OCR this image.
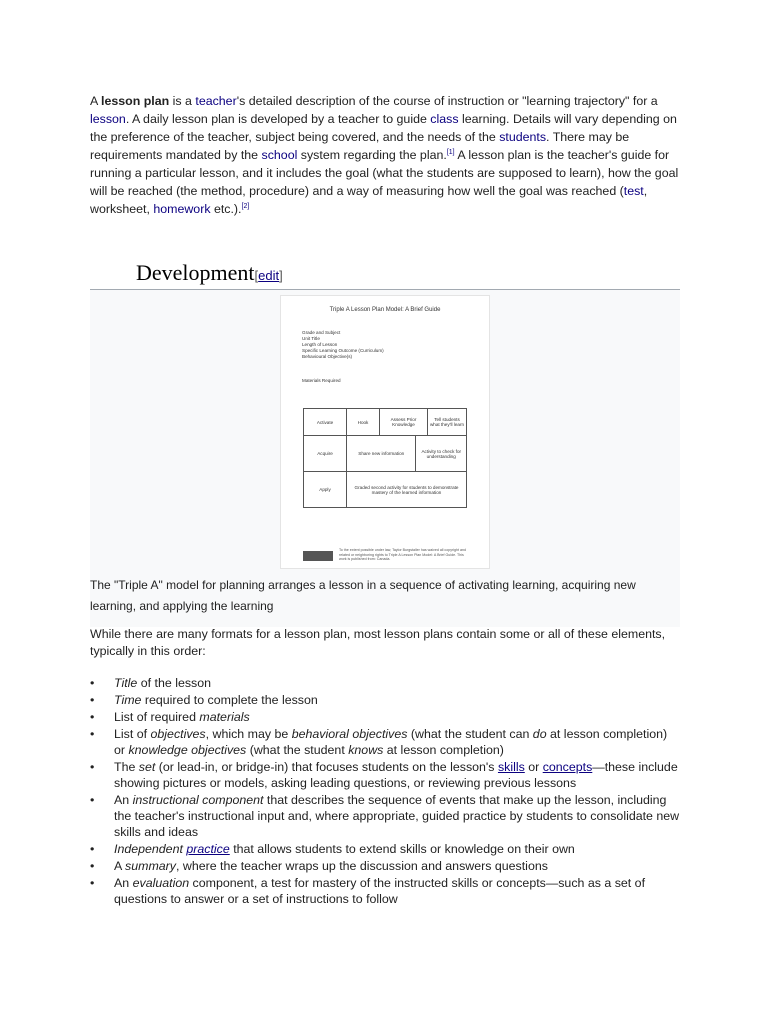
A lesson plan is a teacher's detailed description of the course of instruction or "learning trajectory" for a lesson. A daily lesson plan is developed by a teacher to guide class learning. Details will vary depending on the preference of the teacher, subject being covered, and the needs of the students. There may be requirements mandated by the school system regarding the plan.[1] A lesson plan is the teacher's guide for running a particular lesson, and it includes the goal (what the students are supposed to learn), how the goal will be reached (the method, procedure) and a way of measuring how well the goal was reached (test, worksheet, homework etc.).[2]

Development[edit]
Triple A Lesson Plan Model: A Brief Guide
Grade and Subject
Unit Title
Length of Lesson
Specific Learning Outcome (Curriculum)
Behavioural Objective(s)
Materials Required
Activate	Hook	Assess Prior Knowledge		Tell students what they'll learn
Acquire	Share new information		Activity to check for understanding	
Apply	Graded second activity for students to demonstrate mastery of the learned information			
To the extent possible under law, Taylor Burgstaller has waived all copyright and related or neighboring rights to Triple A Lesson Plan Model: A Brief Guide. This work is published from: Canada.
The "Triple A" model for planning arranges a lesson in a sequence of activating learning, acquiring new learning, and applying the learning

While there are many formats for a lesson plan, most lesson plans contain some or all of these elements, typically in this order:

• Title of the lesson
• Time required to complete the lesson
• List of required materials
• List of objectives, which may be behavioral objectives (what the student can do at lesson completion) or knowledge objectives (what the student knows at lesson completion)
• The set (or lead-in, or bridge-in) that focuses students on the lesson's skills or concepts—these include showing pictures or models, asking leading questions, or reviewing previous lessons
• An instructional component that describes the sequence of events that make up the lesson, including the teacher's instructional input and, where appropriate, guided practice by students to consolidate new skills and ideas
• Independent practice that allows students to extend skills or knowledge on their own
• A summary, where the teacher wraps up the discussion and answers questions
• An evaluation component, a test for mastery of the instructed skills or concepts—such as a set of questions to answer or a set of instructions to follow
